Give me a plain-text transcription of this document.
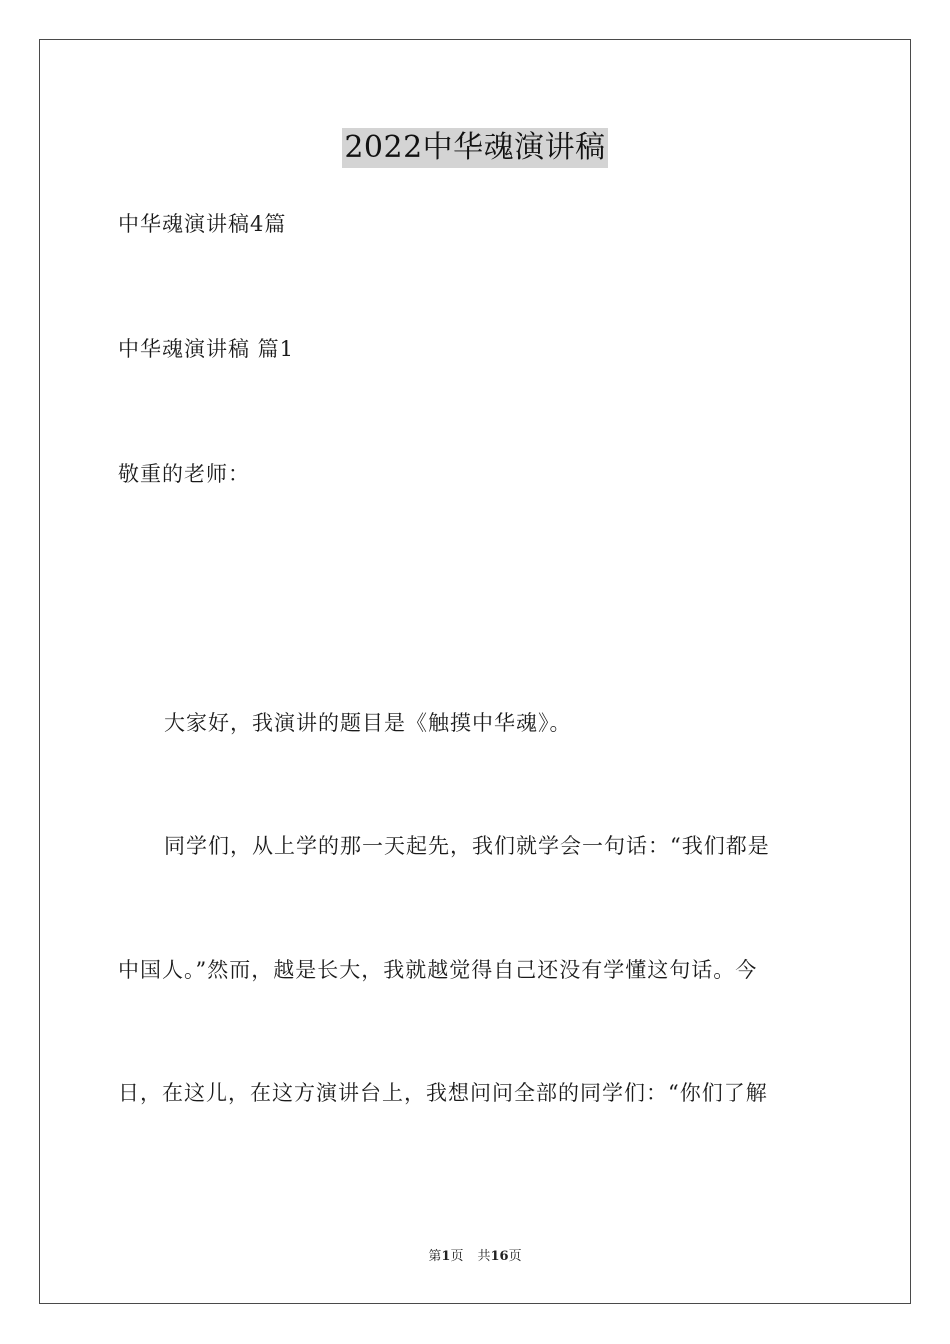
2022中华魂演讲稿
中华魂演讲稿4篇
中华魂演讲稿 篇1
敬重的老师：
大家好，我演讲的题目是《触摸中华魂》。
同学们，从上学的那一天起先，我们就学会一句话：“我们都是
中国人。”然而，越是长大，我就越觉得自己还没有学懂这句话。今
日，在这儿，在这方演讲台上，我想问问全部的同学们：“你们了解
第1页 共16页
